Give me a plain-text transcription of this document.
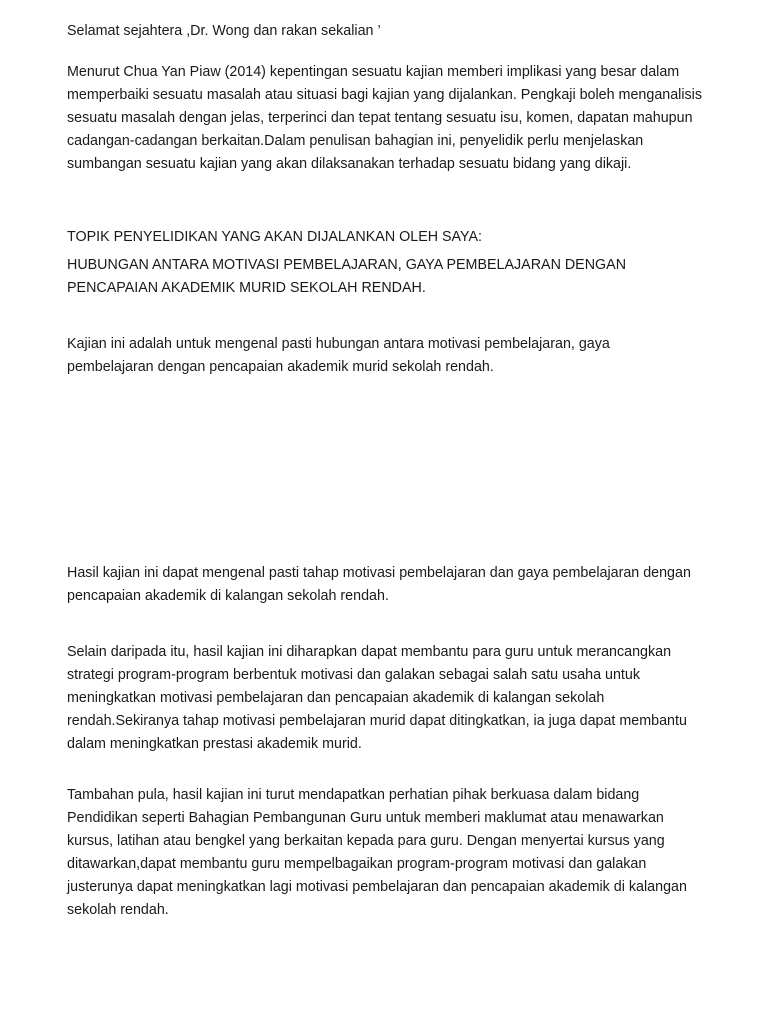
Selamat sejahtera ,Dr. Wong dan rakan sekalian ’

Menurut Chua Yan Piaw (2014) kepentingan sesuatu kajian memberi implikasi yang besar dalam memperbaiki sesuatu masalah atau situasi bagi kajian yang dijalankan. Pengkaji boleh menganalisis sesuatu masalah dengan jelas, terperinci dan tepat tentang sesuatu isu, komen, dapatan mahupun cadangan-cadangan berkaitan.Dalam penulisan bahagian ini, penyelidik perlu menjelaskan sumbangan sesuatu kajian yang akan dilaksanakan terhadap sesuatu bidang yang dikaji.

TOPIK PENYELIDIKAN YANG AKAN DIJALANKAN OLEH SAYA:

HUBUNGAN ANTARA MOTIVASI PEMBELAJARAN, GAYA PEMBELAJARAN DENGAN PENCAPAIAN AKADEMIK MURID SEKOLAH RENDAH.

Kajian ini adalah untuk mengenal pasti hubungan antara motivasi pembelajaran, gaya pembelajaran dengan pencapaian akademik murid sekolah rendah.

Hasil kajian ini dapat mengenal pasti tahap motivasi pembelajaran dan gaya pembelajaran dengan pencapaian akademik di kalangan sekolah rendah.

Selain daripada itu, hasil kajian ini diharapkan dapat membantu para guru untuk merancangkan strategi program-program berbentuk motivasi dan galakan sebagai salah satu usaha untuk meningkatkan motivasi pembelajaran dan pencapaian akademik di kalangan sekolah rendah.Sekiranya tahap motivasi pembelajaran murid dapat ditingkatkan, ia juga dapat membantu dalam meningkatkan prestasi akademik murid.

Tambahan pula, hasil kajian ini turut mendapatkan perhatian pihak berkuasa dalam bidang Pendidikan seperti Bahagian Pembangunan Guru untuk memberi maklumat atau menawarkan kursus, latihan atau bengkel yang berkaitan kepada para guru. Dengan menyertai kursus yang ditawarkan,dapat membantu guru mempelbagaikan program-program motivasi dan galakan justerunya dapat meningkatkan lagi motivasi pembelajaran dan pencapaian akademik di kalangan sekolah rendah.
